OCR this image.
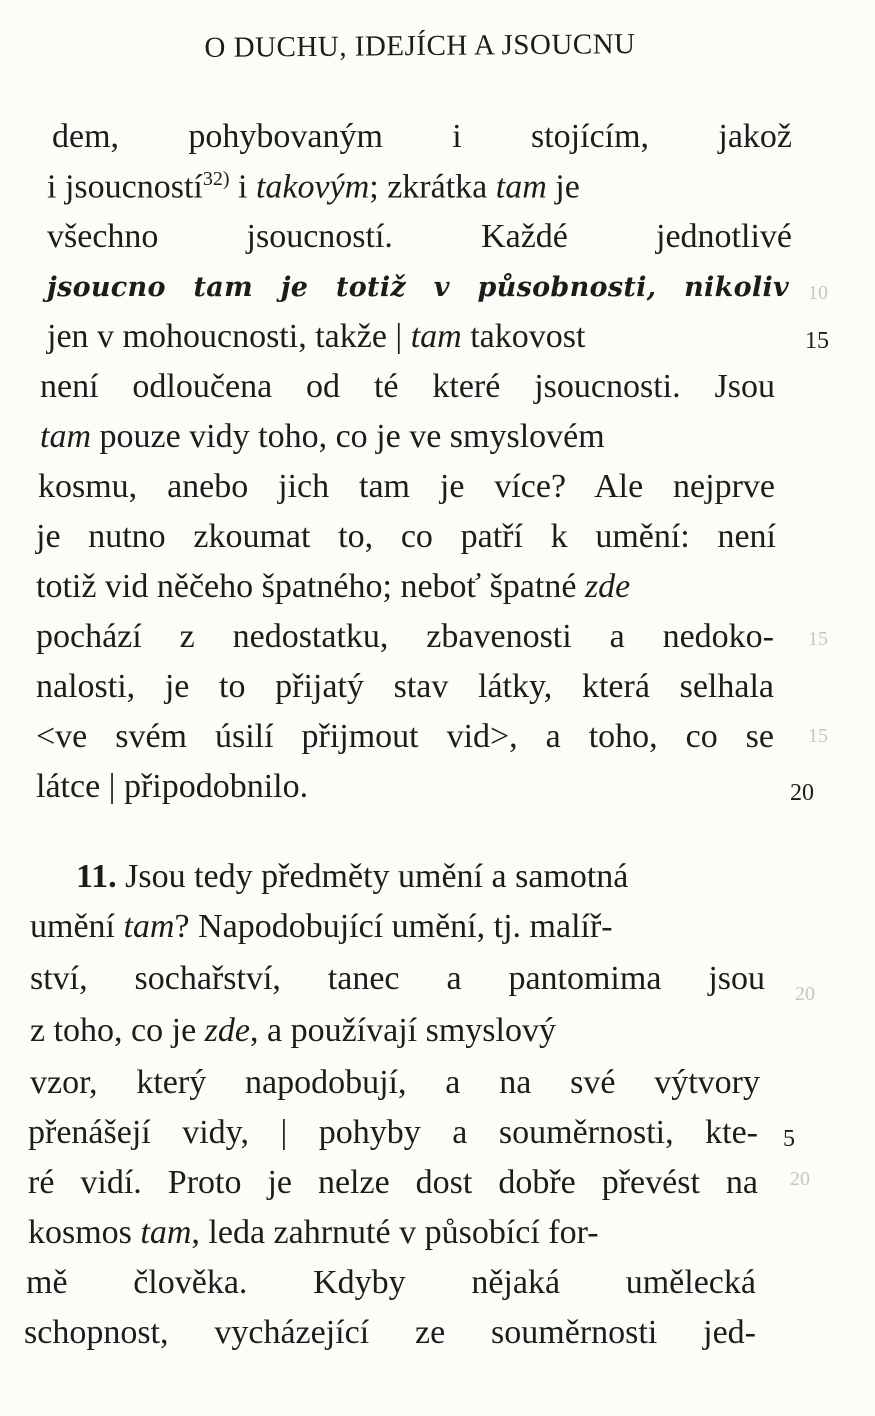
10
15
15
20
20
O DUCHU, IDEJÍCH A JSOUCNU
dem, pohybovaným i stojícím, jakož
i jsoucností$^{32)}$ i takovým; zkrátka tam je
všechno jsoucností. Každé jednotlivé
jsoucno tam je totiž v působnosti, nikoliv
jen v mohoucnosti, takže | tam takovost	15
není odloučena od té které jsoucnosti. Jsou
tam pouze vidy toho, co je ve smyslovém
kosmu, anebo jich tam je více? Ale nejprve
je nutno zkoumat to, co patří k umění: není
totiž vid něčeho špatného; neboť špatné zde
pochází z nedostatku, zbavenosti a nedoko-
nalosti, je to přijatý stav látky, která selhala
<ve svém úsilí přijmout vid>, a toho, co se
látce | připodobnilo.	20
11. Jsou tedy předměty umění a samotná
umění tam? Napodobující umění, tj. malíř-
ství, sochařství, tanec a pantomima jsou
z toho, co je zde, a používají smyslový
vzor, který napodobují, a na své výtvory
přenášejí vidy, | pohyby a souměrnosti, kte- 5
ré vidí. Proto je nelze dost dobře převést na
kosmos tam, leda zahrnuté v působící for-
mě člověka. Kdyby nějaká umělecká
schopnost, vycházející ze souměrnosti jed-
